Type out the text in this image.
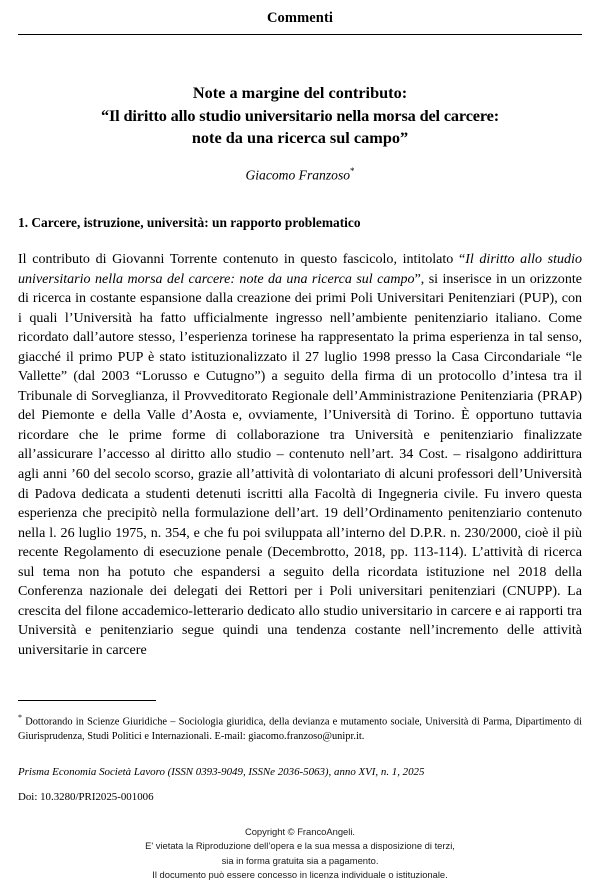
Commenti
Note a margine del contributo:
“Il diritto allo studio universitario nella morsa del carcere:
note da una ricerca sul campo”
Giacomo Franzoso*
1. Carcere, istruzione, università: un rapporto problematico
Il contributo di Giovanni Torrente contenuto in questo fascicolo, intitolato “Il diritto allo studio universitario nella morsa del carcere: note da una ricerca sul campo”, si inserisce in un orizzonte di ricerca in costante espansione dalla creazione dei primi Poli Universitari Penitenziari (PUP), con i quali l’Università ha fatto ufficialmente ingresso nell’ambiente penitenziario italiano. Come ricordato dall’autore stesso, l’esperienza torinese ha rappresentato la prima esperienza in tal senso, giacché il primo PUP è stato istituzionalizzato il 27 luglio 1998 presso la Casa Circondariale “le Vallette” (dal 2003 “Lorusso e Cutugno”) a seguito della firma di un protocollo d’intesa tra il Tribunale di Sorveglianza, il Provveditorato Regionale dell’Amministrazione Penitenziaria (PRAP) del Piemonte e della Valle d’Aosta e, ovviamente, l’Università di Torino. È opportuno tuttavia ricordare che le prime forme di collaborazione tra Università e penitenziario finalizzate all’assicurare l’accesso al diritto allo studio – contenuto nell’art. 34 Cost. – risalgono addirittura agli anni ’60 del secolo scorso, grazie all’attività di volontariato di alcuni professori dell’Università di Padova dedicata a studenti detenuti iscritti alla Facoltà di Ingegneria civile. Fu invero questa esperienza che precipitò nella formulazione dell’art. 19 dell’Ordinamento penitenziario contenuto nella l. 26 luglio 1975, n. 354, e che fu poi sviluppata all’interno del D.P.R. n. 230/2000, cioè il più recente Regolamento di esecuzione penale (Decembrotto, 2018, pp. 113-114). L’attività di ricerca sul tema non ha potuto che espandersi a seguito della ricordata istituzione nel 2018 della Conferenza nazionale dei delegati dei Rettori per i Poli universitari penitenziari (CNUPP). La crescita del filone accademico-letterario dedicato allo studio universitario in carcere e ai rapporti tra Università e penitenziario segue quindi una tendenza costante nell’incremento delle attività universitarie in carcere
* Dottorando in Scienze Giuridiche – Sociologia giuridica, della devianza e mutamento sociale, Università di Parma, Dipartimento di Giurisprudenza, Studi Politici e Internazionali. E-mail: giacomo.franzoso@unipr.it.
Prisma Economia Società Lavoro (ISSN 0393-9049, ISSNe 2036-5063), anno XVI, n. 1, 2025
Doi: 10.3280/PRI2025-001006
Copyright © FrancoAngeli.
E' vietata la Riproduzione dell’opera e la sua messa a disposizione di terzi,
sia in forma gratuita sia a pagamento.
Il documento può essere concesso in licenza individuale o istituzionale.
